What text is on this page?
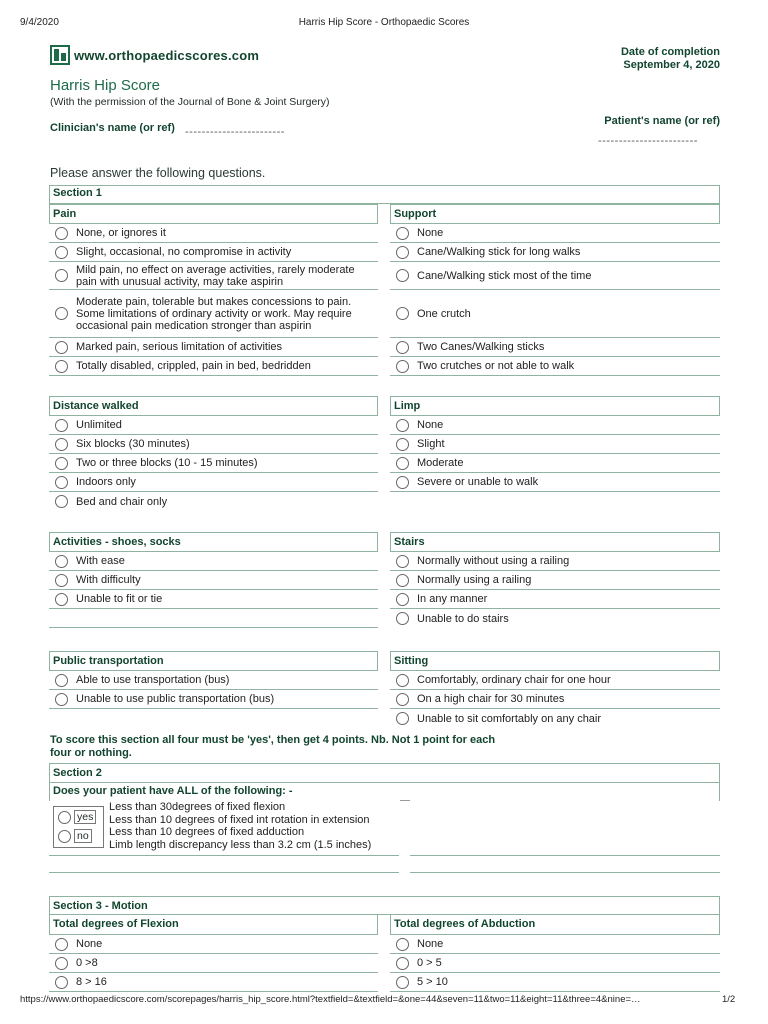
9/4/2020	Harris Hip Score - Orthopaedic Scores
www.orthopaedicscores.com
Harris Hip Score
(With the permission of the Journal of Bone & Joint Surgery)
Date of completion
September 4, 2020
Clinician's name (or ref) ------------------------
Patient's name (or ref)
------------------------
Please answer the following questions.
Section 1
Pain
None, or ignores it
Slight, occasional, no compromise in activity
Mild pain, no effect on average activities, rarely moderate pain with unusual activity, may take aspirin
Moderate pain, tolerable but makes concessions to pain. Some limitations of ordinary activity or work. May require occasional pain medication stronger than aspirin
Marked pain, serious limitation of activities
Totally disabled, crippled, pain in bed, bedridden
Support
None
Cane/Walking stick for long walks
Cane/Walking stick most of the time
One crutch
Two Canes/Walking sticks
Two crutches or not able to walk
Distance walked
Unlimited
Six blocks (30 minutes)
Two or three blocks (10 - 15 minutes)
Indoors only
Bed and chair only
Limp
None
Slight
Moderate
Severe or unable to walk
Activities - shoes, socks
With ease
With difficulty
Unable to fit or tie
Stairs
Normally without using a railing
Normally using a railing
In any manner
Unable to do stairs
Public transportation
Able to use transportation (bus)
Unable to use public transportation (bus)
Sitting
Comfortably, ordinary chair for one hour
On a high chair for 30 minutes
Unable to sit comfortably on any chair
To score this section all four must be 'yes', then get 4 points. Nb. Not 1 point for each four or nothing.
Section 2
Does your patient have ALL of the following: -
yes
no
Less than 30degrees of fixed flexion
Less than 10 degrees of fixed int rotation in extension
Less than 10 degrees of fixed adduction
Limb length discrepancy less than 3.2 cm (1.5 inches)
Section 3 - Motion
Total degrees of Flexion
None
0 >8
8 > 16
Total degrees of Abduction
None
0 > 5
5 > 10
https://www.orthopaedicscore.com/scorepages/harris_hip_score.html?textfield=&textfield=&one=44&seven=11&two=11&eight=11&three=4&nine=…	1/2
